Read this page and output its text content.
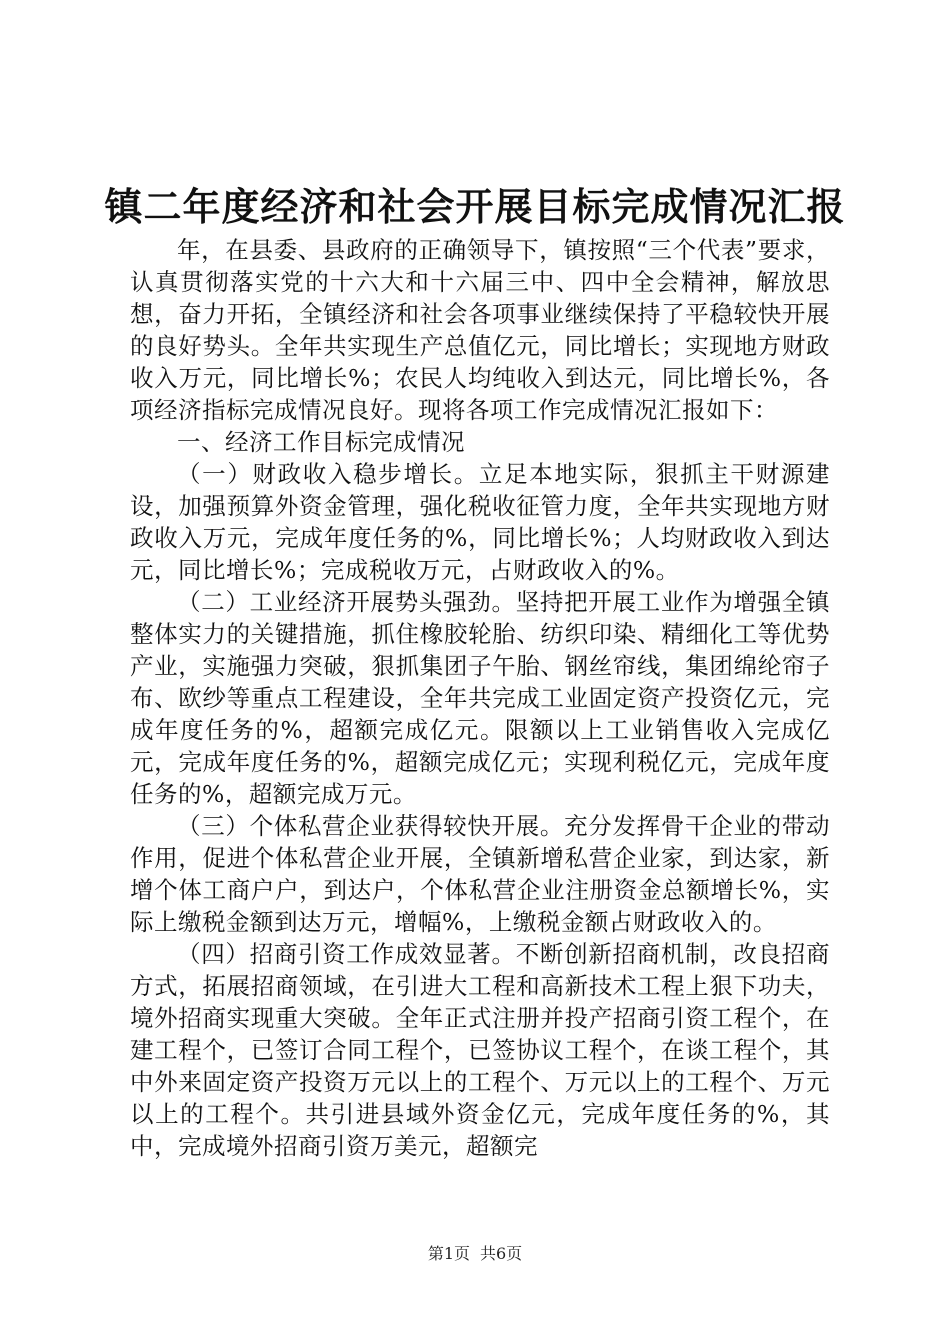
镇二年度经济和社会开展目标完成情况汇报

年，在县委、县政府的正确领导下，镇按照“三个代表”要求，认真贯彻落实党的十六大和十六届三中、四中全会精神，解放思想，奋力开拓，全镇经济和社会各项事业继续保持了平稳较快开展的良好势头。全年共实现生产总值亿元，同比增长；实现地方财政收入万元，同比增长%；农民人均纯收入到达元，同比增长%，各项经济指标完成情况良好。现将各项工作完成情况汇报如下：

一、经济工作目标完成情况

（一）财政收入稳步增长。立足本地实际，狠抓主干财源建设，加强预算外资金管理，强化税收征管力度，全年共实现地方财政收入万元，完成年度任务的%，同比增长%；人均财政收入到达元，同比增长%；完成税收万元，占财政收入的%。

（二）工业经济开展势头强劲。坚持把开展工业作为增强全镇整体实力的关键措施，抓住橡胶轮胎、纺织印染、精细化工等优势产业，实施强力突破，狠抓集团子午胎、钢丝帘线，集团绵纶帘子布、欧纱等重点工程建设，全年共完成工业固定资产投资亿元，完成年度任务的%，超额完成亿元。限额以上工业销售收入完成亿元，完成年度任务的%，超额完成亿元；实现利税亿元，完成年度任务的%，超额完成万元。

（三）个体私营企业获得较快开展。充分发挥骨干企业的带动作用，促进个体私营企业开展，全镇新增私营企业家，到达家，新增个体工商户户，到达户，个体私营企业注册资金总额增长%，实际上缴税金额到达万元，增幅%，上缴税金额占财政收入的。

（四）招商引资工作成效显著。不断创新招商机制，改良招商方式，拓展招商领域，在引进大工程和高新技术工程上狠下功夫，境外招商实现重大突破。全年正式注册并投产招商引资工程个，在建工程个，已签订合同工程个，已签协议工程个，在谈工程个，其中外来固定资产投资万元以上的工程个、万元以上的工程个、万元以上的工程个。共引进县域外资金亿元，完成年度任务的%，其中，完成境外招商引资万美元，超额完

第1页 共6页
